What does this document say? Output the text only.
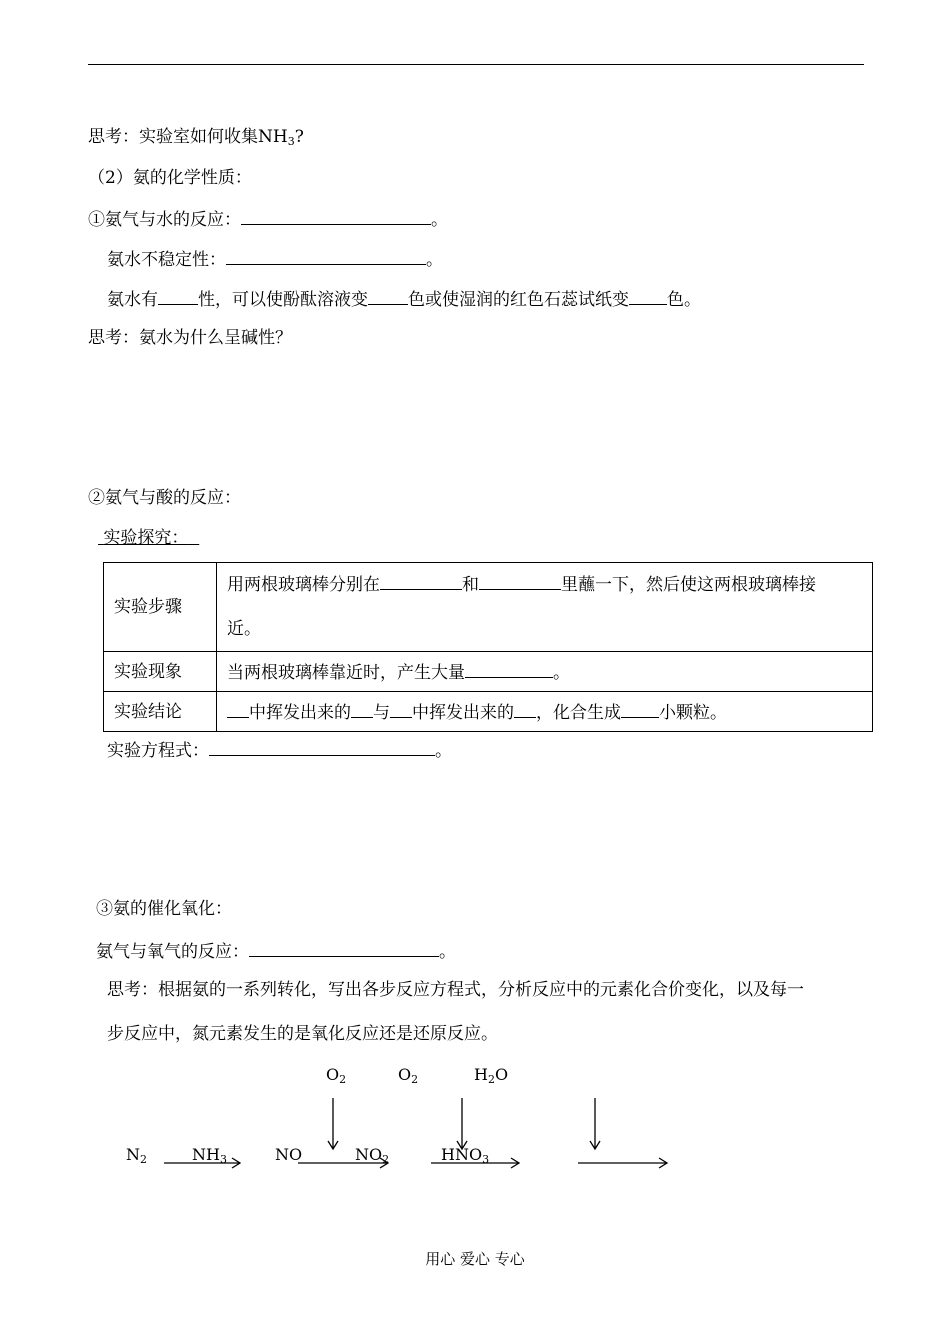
思考：实验室如何收集$NH_3$?
（2）氨的化学性质：
①氨气与水的反应：	。
氨水不稳定性：	。
氨水有 性，可以使酚酞溶液变 色或使湿润的红色石蕊试纸变 色。
思考：氨水为什么呈碱性？
②氨气与酸的反应：
实验探究：
实验步骤	用两根玻璃棒分别在 和 里蘸一下，然后使这两根玻璃棒接
近。
实验现象	当两根玻璃棒靠近时，产生大量 。
实验结论	中挥发出来的 与 中挥发出来的 ，化合生成 小颗粒。
实验方程式：	。
③氨的催化氧化：
氨气与氧气的反应：	。
思考：根据氨的一系列转化，写出各步反应方程式，分析反应中的元素化合价变化，以及每一
步反应中，氮元素发生的是氧化反应还是还原反应。
$O_2$	$O_2$	$H_2O$
$N_2$	$NH_3$	NO	$NO_2$	$HNO_3$
用心 爱心 专心
